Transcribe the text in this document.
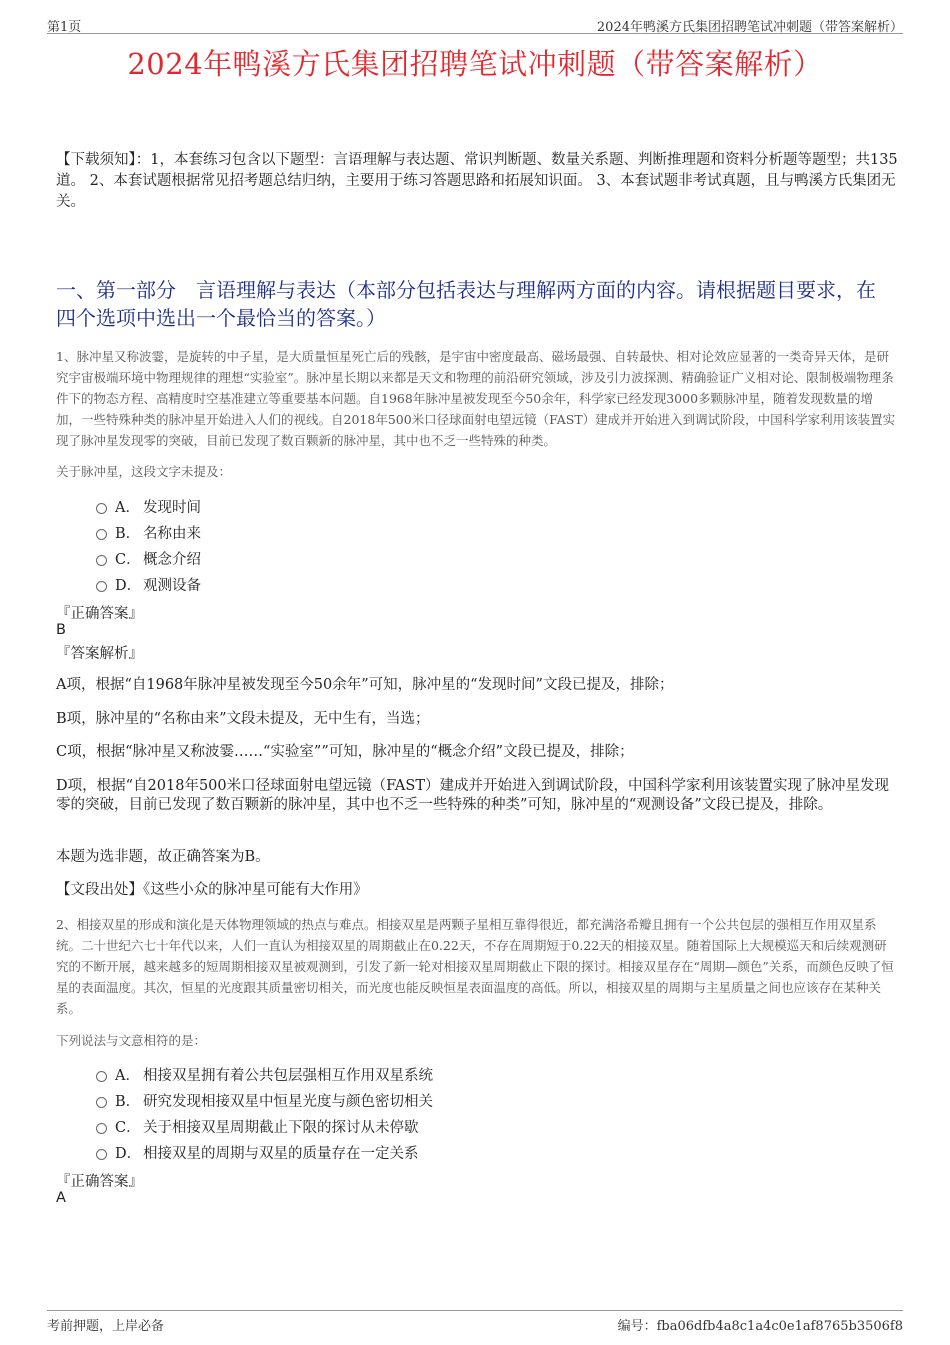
第1页	2024年鸭溪方氏集团招聘笔试冲刺题（带答案解析）
2024年鸭溪方氏集团招聘笔试冲刺题（带答案解析）
【下载须知】：1，本套练习包含以下题型：言语理解与表达题、常识判断题、数量关系题、判断推理题和资料分析题等题型；共135道。 2、本套试题根据常见招考题总结归纳，主要用于练习答题思路和拓展知识面。 3、本套试题非考试真题，且与鸭溪方氏集团无关。
一、第一部分　言语理解与表达（本部分包括表达与理解两方面的内容。请根据题目要求，在四个选项中选出一个最恰当的答案。）
1、脉冲星又称波霎，是旋转的中子星，是大质量恒星死亡后的残骸，是宇宙中密度最高、磁场最强、自转最快、相对论效应显著的一类奇异天体，是研究宇宙极端环境中物理规律的理想“实验室”。脉冲星长期以来都是天文和物理的前沿研究领域，涉及引力波探测、精确验证广义相对论、限制极端物理条件下的物态方程、高精度时空基准建立等重要基本问题。自1968年脉冲星被发现至今50余年，科学家已经发现3000多颗脉冲星，随着发现数量的增加，一些特殊种类的脉冲星开始进入人们的视线。自2018年500米口径球面射电望远镜（FAST）建成并开始进入到调试阶段，中国科学家利用该装置实现了脉冲星发现零的突破，目前已发现了数百颗新的脉冲星，其中也不乏一些特殊的种类。
关于脉冲星，这段文字未提及：
A． 发现时间
B． 名称由来
C． 概念介绍
D． 观测设备
『正确答案』
B
『答案解析』
A项，根据“自1968年脉冲星被发现至今50余年”可知，脉冲星的“发现时间”文段已提及，排除；
B项，脉冲星的“名称由来”文段未提及，无中生有，当选；
C项，根据“脉冲星又称波霎……“实验室””可知，脉冲星的“概念介绍”文段已提及，排除；
D项，根据“自2018年500米口径球面射电望远镜（FAST）建成并开始进入到调试阶段，中国科学家利用该装置实现了脉冲星发现零的突破，目前已发现了数百颗新的脉冲星，其中也不乏一些特殊的种类”可知，脉冲星的“观测设备”文段已提及，排除。
本题为选非题，故正确答案为B。
【文段出处】《这些小众的脉冲星可能有大作用》
2、相接双星的形成和演化是天体物理领域的热点与难点。相接双星是两颗子星相互靠得很近，都充满洛希瓣且拥有一个公共包层的强相互作用双星系统。二十世纪六七十年代以来，人们一直认为相接双星的周期截止在0.22天，不存在周期短于0.22天的相接双星。随着国际上大规模巡天和后续观测研究的不断开展，越来越多的短周期相接双星被观测到，引发了新一轮对相接双星周期截止下限的探讨。相接双星存在“周期—颜色”关系，而颜色反映了恒星的表面温度。其次，恒星的光度跟其质量密切相关，而光度也能反映恒星表面温度的高低。所以，相接双星的周期与主星质量之间也应该存在某种关系。
下列说法与文意相符的是：
A． 相接双星拥有着公共包层强相互作用双星系统
B． 研究发现相接双星中恒星光度与颜色密切相关
C． 关于相接双星周期截止下限的探讨从未停歇
D． 相接双星的周期与双星的质量存在一定关系
『正确答案』
A
考前押题，上岸必备	编号：fba06dfb4a8c1a4c0e1af8765b3506f8
